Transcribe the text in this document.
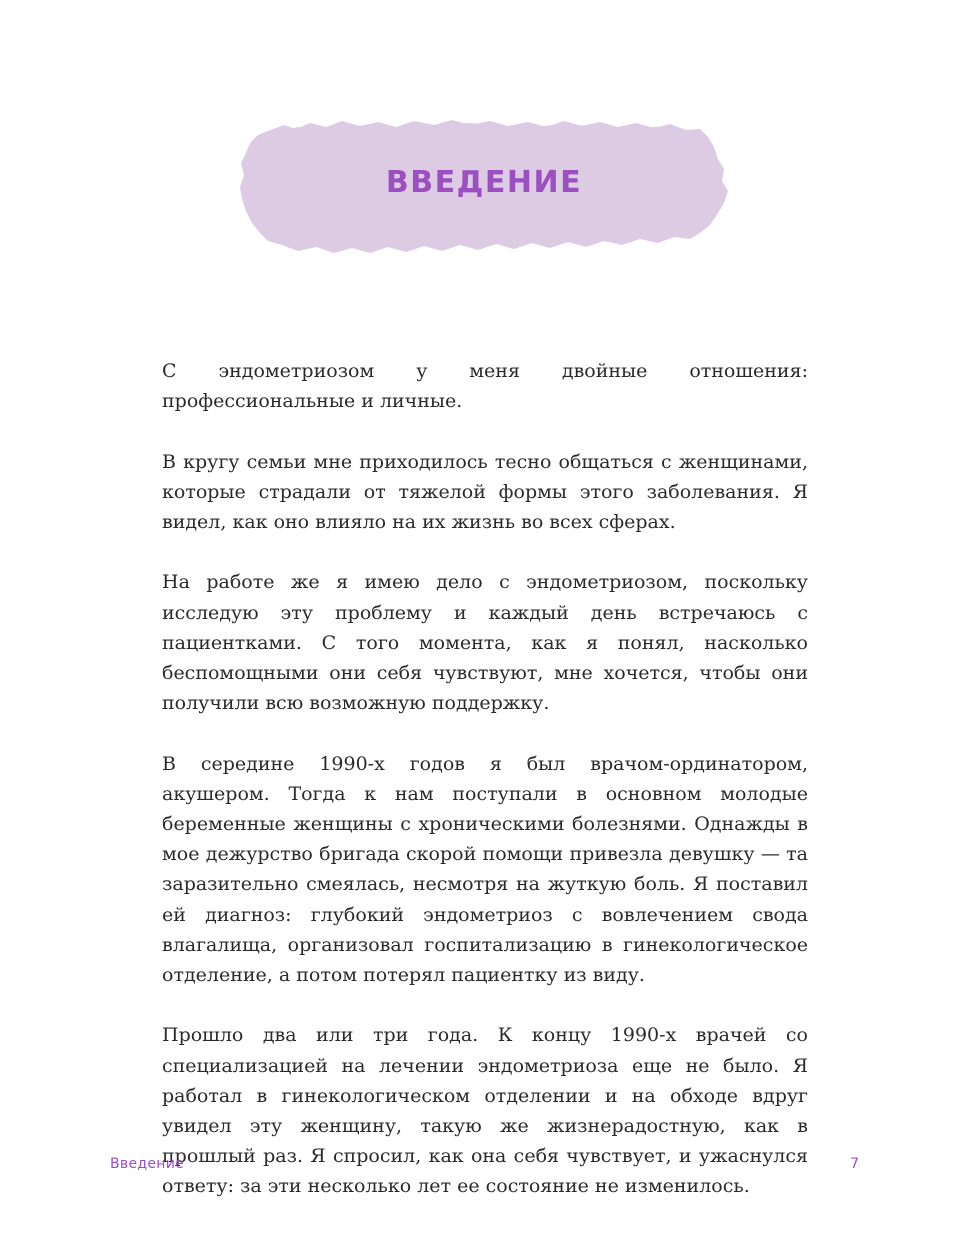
ВВЕДЕНИЕ

С эндометриозом у меня двойные отношения: профессиональные и личные.

В кругу семьи мне приходилось тесно общаться с женщинами, которые страдали от тяжелой формы этого заболевания. Я видел, как оно влияло на их жизнь во всех сферах.

На работе же я имею дело с эндометриозом, поскольку исследую эту проблему и каждый день встречаюсь с пациентками. С того момента, как я понял, насколько беспомощными они себя чувствуют, мне хочется, чтобы они получили всю возможную поддержку.

В середине 1990-х годов я был врачом-ординатором, акушером. Тогда к нам поступали в основном молодые беременные женщины с хроническими болезнями. Однажды в мое дежурство бригада скорой помощи привезла девушку — та заразительно смеялась, несмотря на жуткую боль. Я поставил ей диагноз: глубокий эндометриоз с вовлечением свода влагалища, организовал госпитализацию в гинекологическое отделение, а потом потерял пациентку из виду.

Прошло два или три года. К концу 1990-х врачей со специализацией на лечении эндометриоза еще не было. Я работал в гинекологическом отделении и на обходе вдруг увидел эту женщину, такую же жизнерадостную, как в прошлый раз. Я спросил, как она себя чувствует, и ужаснулся ответу: за эти несколько лет ее состояние не изменилось.

Введение	7
